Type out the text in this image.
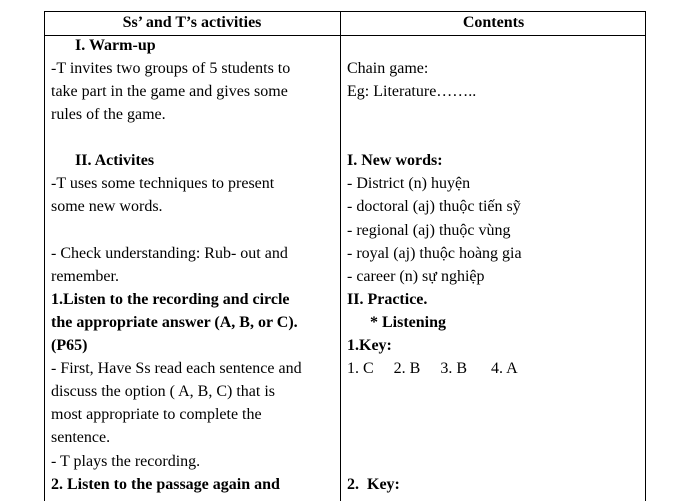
Ss’ and T’s activities	Contents
I. Warm-up
-T invites two groups of 5 students to
take part in the game and gives some
rules of the game.
II. Activites
-T uses some techniques to present
some new words.
- Check understanding: Rub- out and
remember.
1.Listen to the recording and circle
the appropriate answer (A, B, or C).
(P65)
- First, Have Ss read each sentence and
discuss the option ( A, B, C) that is
most appropriate to complete the
sentence.
- T plays the recording.
2. Listen to the passage again and
Chain game:
Eg: Literature……..
I. New words:
- District (n) huyện
- doctoral (aj) thuộc tiến sỹ
- regional (aj) thuộc vùng
- royal (aj) thuộc hoàng gia
- career (n) sự nghiệp
II. Practice.
* Listening
1.Key:
1. C     2. B     3. B      4. A
2.  Key:
